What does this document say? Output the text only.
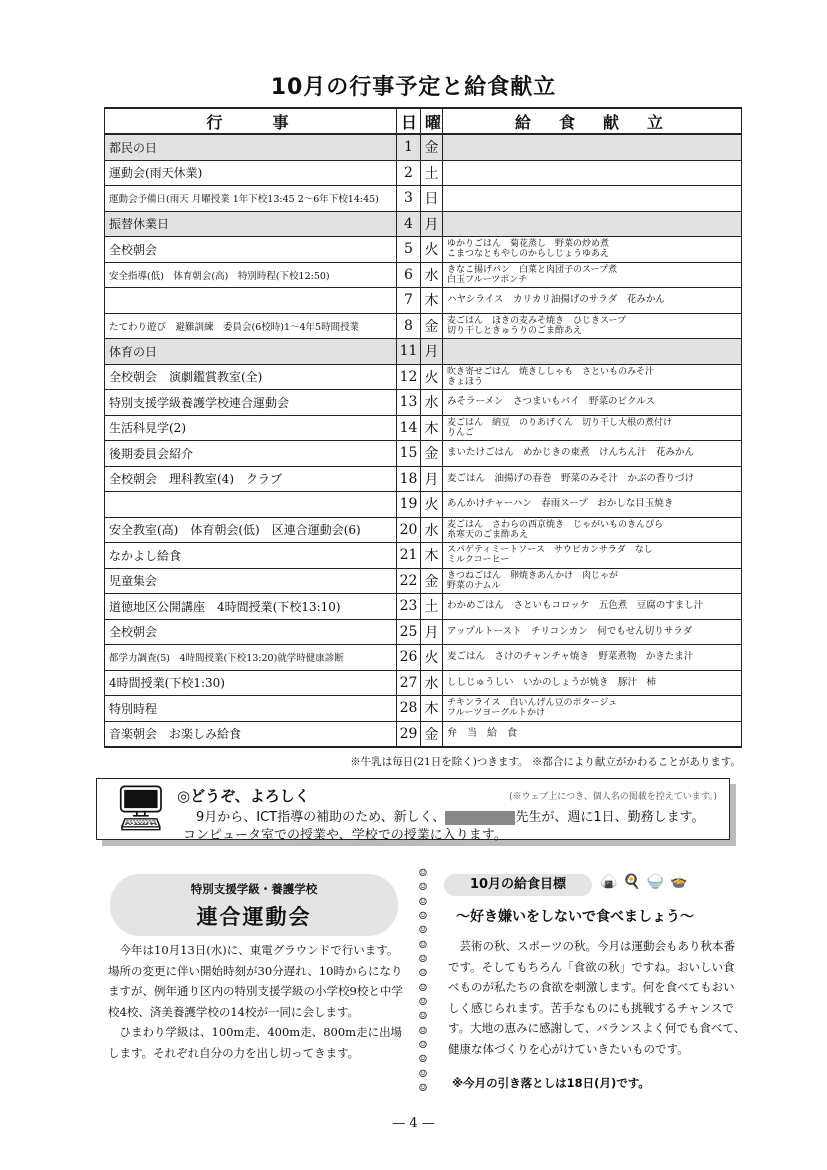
10月の行事予定と給食献立
行　　事	日	曜	給　食　献　立
都民の日	1	金	
運動会(雨天休業)	2	土	
運動会予備日(雨天 月曜授業 1年下校13:45 2～6年下校14:45)	3	日	
振替休業日	4	月	
全校朝会	5	火	ゆかりごはん　菊花蒸し　野菜の炒め煮
こまつなともやしのからしじょうゆあえ
安全指導(低)　体育朝会(高)　特別時程(下校12:50)	6	水	きなこ揚げパン　白菜と肉団子のスープ煮
白玉フルーツポンチ
	7	木	ハヤシライス　カリカリ油揚げのサラダ　花みかん
たてわり遊び　避難訓練　委員会(6校時)1～4年5時間授業	8	金	麦ごはん　ほきの麦みそ焼き　ひじきスープ
切り干しときゅうりのごま酢あえ
体育の日	11	月	
全校朝会　演劇鑑賞教室(全)	12	火	吹き寄せごはん　焼きししゃも　さといものみそ汁
きょほう
特別支援学級養護学校連合運動会	13	水	みそラーメン　さつまいもパイ　野菜のピクルス
生活科見学(2)	14	木	麦ごはん　納豆　のりあげくん　切り干し大根の煮付け
りんご
後期委員会紹介	15	金	まいたけごはん　めかじきの東煮　けんちん汁　花みかん
全校朝会　理科教室(4)　クラブ	18	月	麦ごはん　油揚げの春巻　野菜のみそ汁　かぶの香りづけ
	19	火	あんかけチャーハン　春雨スープ　おかしな目玉焼き
安全教室(高)　体育朝会(低)　区連合運動会(6)	20	水	麦ごはん　さわらの西京焼き　じゃがいものきんぴら
糸寒天のごま酢あえ
なかよし給食	21	木	スパゲティミートソース　サウビカンサラダ　なし
ミルクコーヒー
児童集会	22	金	きつねごはん　卵焼きあんかけ　肉じゃが
野菜のナムル
道徳地区公開講座　4時間授業(下校13:10)	23	土	わかめごはん　さといもコロッケ　五色煮　豆腐のすまし汁
全校朝会	25	月	アップルトースト　チリコンカン　何でもせん切りサラダ
都学力調査(5)　4時間授業(下校13:20)就学時健康診断	26	火	麦ごはん　さけのチャンチャ焼き　野菜煮物　かきたま汁
4時間授業(下校1:30)	27	水	ししじゅうしい　いかのしょうが焼き　豚汁　柿
特別時程	28	木	チキンライス　白いんげん豆のポタージュ
フルーツヨーグルトかけ
音楽朝会　お楽しみ給食	29	金	弁　当　給　食
※牛乳は毎日(21日を除く)つきます。 ※都合により献立がかわることがあります。
🖥 ◎どうぞ、よろしく	(※ウェブ上につき、個人名の掲載を控えています。)
9月から、ICT指導の補助のため、新しく、	先生が、週に1日、勤務します。
コンピュータ室での授業や、学校での授業に入ります。
特別支援学級・養護学校
連合運動会

今年は10月13日(水)に、東電グラウンドで行います。場所の変更に伴い開始時刻が30分遅れ、10時からになりますが、例年通り区内の特別支援学級の小学校9校と中学校4校、済美養護学校の14校が一同に会します。

ひまわり学級は、100m走、400m走、800m走に出場します。それぞれ自分の力を出し切ってきます。

☺
☺
☺
☺
☺
☺
☺
☺
☺
☺
☺
☺
☺
☺
☺
☺
10月の給食目標	🍙🍳🍚🍲
～好き嫌いをしないで食べましょう～
芸術の秋、スポーツの秋。今月は運動会もあり秋本番です。そしてもちろん「食欲の秋」ですね。おいしい食べものが私たちの食欲を刺激します。何を食べてもおいしく感じられます。苦手なものにも挑戦するチャンスです。大地の恵みに感謝して、バランスよく何でも食べて、健康な体づくりを心がけていきたいものです。
※今月の引き落としは18日(月)です。
— 4 —
